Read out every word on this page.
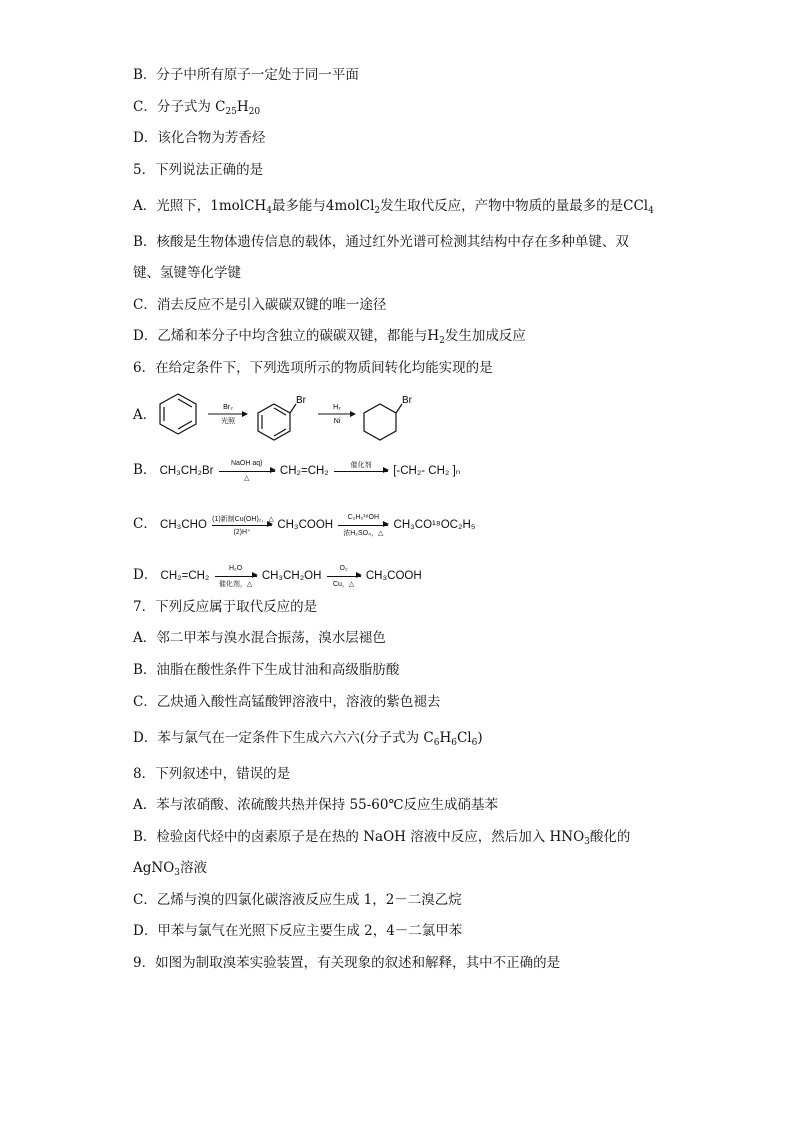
B．分子中所有原子一定处于同一平面
C．分子式为 $C_{25}H_{20}$
D．该化合物为芳香烃
5．下列说法正确的是
A．光照下，1molCH$_4$最多能与4molCl$_2$发生取代反应，产物中物质的量最多的是CCl$_4$
B．核酸是生物体遗传信息的载体，通过红外光谱可检测其结构中存在多种单键、双
键、氢键等化学键
C．消去反应不是引入碳碳双键的唯一途径
D．乙烯和苯分子中均含独立的碳碳双键，都能与$H_2$发生加成反应
6．在给定条件下，下列选项所示的物质间转化均能实现的是
A．	Br₂
光照
Br
H₂
Ni
Br
B． CH₃CH₂Br
NaOH aq)
△
CH₂=CH₂	催化剂	[-CH₂- CH₂ ]ₙ
C． CH₃CHO (1)新制Cu(OH)₂，△
(2)H⁺
CH₃COOH
C₂H₅¹⁸OH
浓H₂SO₄，△
CH₃CO¹⁸OC₂H₅
D． CH₂=CH₂
H₂O
催化剂，△
$CH_3CH_2OH \frac{\text{O₂}}{Cu,\triangle}$ CH₃COOH
7．下列反应属于取代反应的是
A．邻二甲苯与溴水混合振荡，溴水层褪色
B．油脂在酸性条件下生成甘油和高级脂肪酸
C．乙炔通入酸性高锰酸钾溶液中，溶液的紫色褪去
D．苯与氯气在一定条件下生成六六六(分子式为 $C_6H_6Cl_6$)
8．下列叙述中，错误的是
A．苯与浓硝酸、浓硫酸共热并保持 55-60℃反应生成硝基苯
B．检验卤代烃中的卤素原子是在热的 NaOH 溶液中反应，然后加入 $HNO_3$酸化的
AgNO$_3$溶液
C．乙烯与溴的四氯化碳溶液反应生成 1，2－二溴乙烷
D．甲苯与氯气在光照下反应主要生成 2，4－二氯甲苯
9．如图为制取溴苯实验装置，有关现象的叙述和解释，其中不正确的是
